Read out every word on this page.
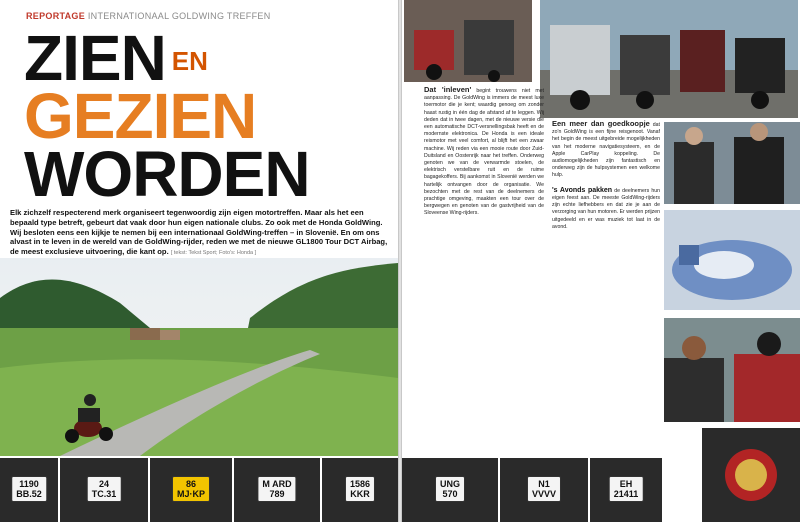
REPORTAGE INTERNATIONAAL GOLDWING TREFFEN
ZIEN EN
GEZIEN
WORDEN
Elk zichzelf respecterend merk organiseert tegenwoordig zijn eigen motortreffen. Maar als het een bepaald type betreft, gebeurt dat vaak door hun eigen nationale clubs. Zo ook met de Honda GoldWing. Wij besloten eens een kijkje te nemen bij een internationaal GoldWing-treffen – in Slovenië. En om ons alvast in te leven in de wereld van de GoldWing-rijder, reden we met de nieuwe GL1800 Tour DCT Airbag, de meest exclusieve uitvoering, die kant op. [ tekst: Tekst Sport; Foto's: Honda ]
Dat 'inleven' begint trouwens niet met aanpassing. De GoldWing is immers de meest luxe toermotor die je kent; waardig genoeg om zonder haast rustig in één dag de afstand af te leggen. Wij deden dat in twee dagen, met de nieuwe versie die een automatische DCT-versnellingsbak heeft en de modernste elektronica. De Honda is een ideale reismotor met veel comfort, al blijft het een zwaar machine. Wij reden via een mooie route door Zuid-Duitsland en Oostenrijk naar het treffen. Onderweg genoten we van de verwarmde stoelen, de elektrisch verstelbare ruit en de ruime bagagekoffers. Bij aankomst in Slovenië werden we hartelijk ontvangen door de organisatie. We bezochten met de rest van de deelnemers de prachtige omgeving, maakten een tour over de bergwegen en genoten van de gastvrijheid van de Sloveense Wing-rijders.
Een meer dan goedkoopje dat zo'n GoldWing is een fijne reisgenoot. Vanaf het begin de meest uitgebreide mogelijkheden van het moderne navigatiesysteem, en de Apple CarPlay koppeling. De audiomogelijkheden zijn fantastisch en onderweg zijn de hulpsystemen een welkome hulp.

's Avonds pakken de deelnemers hun eigen feest aan. De meeste GoldWing-rijders zijn echte liefhebbers en dat zie je aan de verzorging van hun motoren. Er werden prijzen uitgedeeld en er was muziek tot laat in de avond.
1190
BB.52
24
TC.31
86
MJ·KP
M ARD
789
1586
KKR
UNG
570
N1
VVVV
EH
21411
